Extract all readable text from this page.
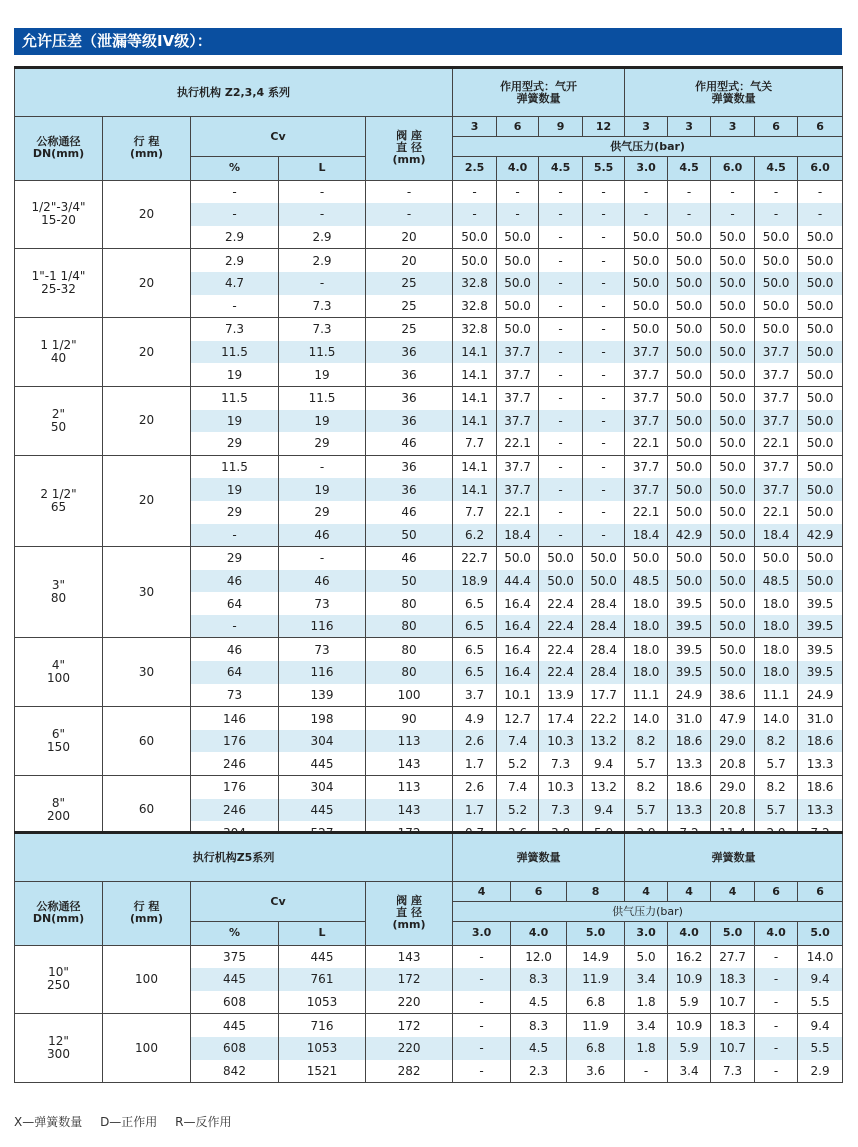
允许压差（泄漏等级IV级）：
执行机构 Z2,3,4 系列					作用型式：气开
弹簧数量				作用型式：气关
弹簧数量				
公称通径
DN(mm)	行 程
(mm)	Cv		阀 座
直 径
(mm)	3	6	9	12	3	3	3	6	6
					供气压力(bar)								
		%	L		2.5	4.0	4.5	5.5	3.0	4.5	6.0	4.5	6.0
1/2"-3/4"
15-20	20	-	-	-	-	-	-	-	-	-	-	-	-
		-	-	-	-	-	-	-	-	-	-	-	-
		2.9	2.9	20	50.0	50.0	-	-	50.0	50.0	50.0	50.0	50.0
1"-1 1/4"
25-32	20	2.9	2.9	20	50.0	50.0	-	-	50.0	50.0	50.0	50.0	50.0
		4.7	-	25	32.8	50.0	-	-	50.0	50.0	50.0	50.0	50.0
		-	7.3	25	32.8	50.0	-	-	50.0	50.0	50.0	50.0	50.0
1 1/2"
40	20	7.3	7.3	25	32.8	50.0	-	-	50.0	50.0	50.0	50.0	50.0
		11.5	11.5	36	14.1	37.7	-	-	37.7	50.0	50.0	37.7	50.0
		19	19	36	14.1	37.7	-	-	37.7	50.0	50.0	37.7	50.0
2"
50	20	11.5	11.5	36	14.1	37.7	-	-	37.7	50.0	50.0	37.7	50.0
		19	19	36	14.1	37.7	-	-	37.7	50.0	50.0	37.7	50.0
		29	29	46	7.7	22.1	-	-	22.1	50.0	50.0	22.1	50.0
2 1/2"
65	20	11.5	-	36	14.1	37.7	-	-	37.7	50.0	50.0	37.7	50.0
		19	19	36	14.1	37.7	-	-	37.7	50.0	50.0	37.7	50.0
		29	29	46	7.7	22.1	-	-	22.1	50.0	50.0	22.1	50.0
		-	46	50	6.2	18.4	-	-	18.4	42.9	50.0	18.4	42.9
3"
80	30	29	-	46	22.7	50.0	50.0	50.0	50.0	50.0	50.0	50.0	50.0
		46	46	50	18.9	44.4	50.0	50.0	48.5	50.0	50.0	48.5	50.0
		64	73	80	6.5	16.4	22.4	28.4	18.0	39.5	50.0	18.0	39.5
		-	116	80	6.5	16.4	22.4	28.4	18.0	39.5	50.0	18.0	39.5
4"
100	30	46	73	80	6.5	16.4	22.4	28.4	18.0	39.5	50.0	18.0	39.5
		64	116	80	6.5	16.4	22.4	28.4	18.0	39.5	50.0	18.0	39.5
		73	139	100	3.7	10.1	13.9	17.7	11.1	24.9	38.6	11.1	24.9
6"
150	60	146	198	90	4.9	12.7	17.4	22.2	14.0	31.0	47.9	14.0	31.0
		176	304	113	2.6	7.4	10.3	13.2	8.2	18.6	29.0	8.2	18.6
		246	445	143	1.7	5.2	7.3	9.4	5.7	13.3	20.8	5.7	13.3
8"
200	60	176	304	113	2.6	7.4	10.3	13.2	8.2	18.6	29.0	8.2	18.6
		246	445	143	1.7	5.2	7.3	9.4	5.7	13.3	20.8	5.7	13.3

执行机构Z5系列					弹簧数量			弹簧数量				
公称通径
DN(mm)	行 程
(mm)	Cv		阀 座
直 径
(mm)	4	6	8	4	4	4	6	6
					供气压力(bar)							
		%	L		3.0	4.0	5.0	3.0	4.0	5.0	4.0	5.0
10"
250	100	375	445	143	-	12.0	14.9	5.0	16.2	27.7	-	14.0
		445	761	172	-	8.3	11.9	3.4	10.9	18.3	-	9.4
		608	1053	220	-	4.5	6.8	1.8	5.9	10.7	-	5.5
12"
300	100	445	716	172	-	8.3	11.9	3.4	10.9	18.3	-	9.4
		608	1053	220	-	4.5	6.8	1.8	5.9	10.7	-	5.5
		842	1521	282	-	2.3	3.6	-	3.4	7.3	-	2.9
X—弹簧数量 D—正作用 R—反作用
